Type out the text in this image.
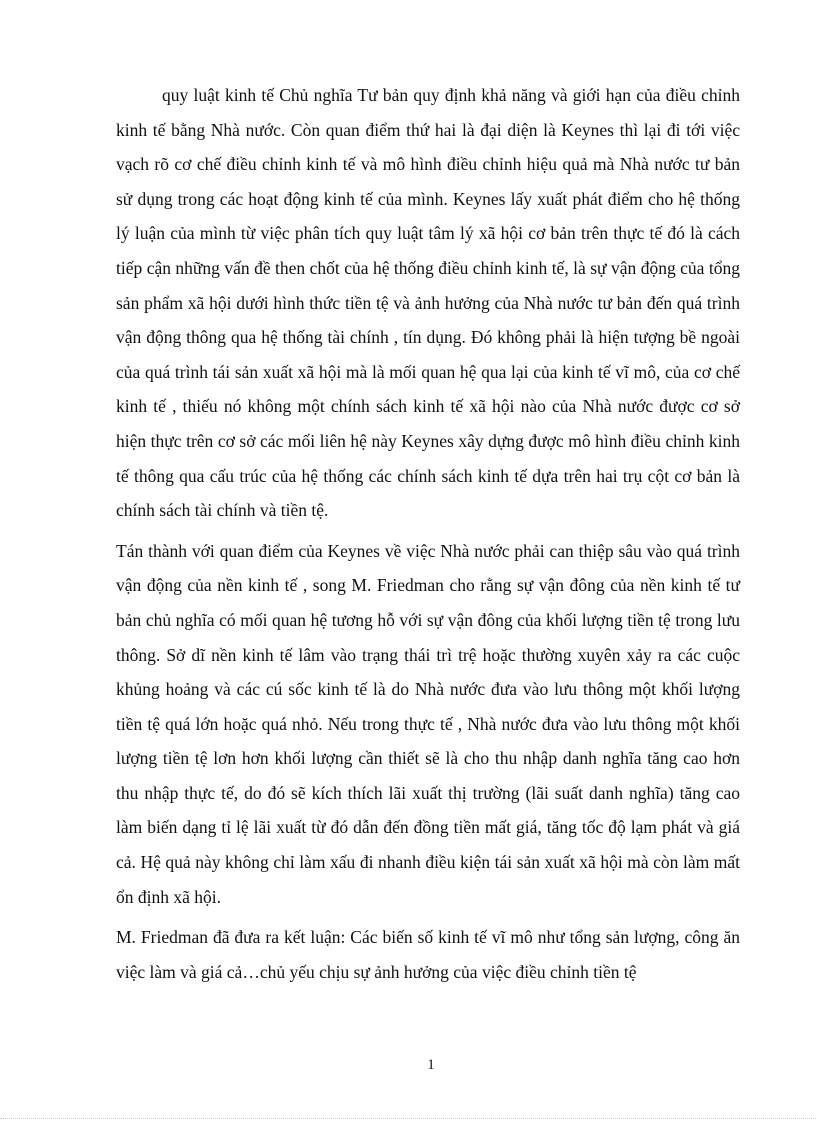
quy luật kinh tế Chủ nghĩa Tư bản quy định khả năng và giới hạn của điều chỉnh kinh tế bằng Nhà nước. Còn quan điểm thứ hai là đại diện là Keynes thì lại đi tới việc vạch rõ cơ chế điều chỉnh kinh tế và mô hình điều chỉnh hiệu quả mà Nhà nước tư bản sử dụng trong các hoạt động kinh tế của mình. Keynes lấy xuất phát điểm cho hệ thống lý luận của mình từ việc phân tích quy luật tâm lý xã hội cơ bản trên thực tế đó là cách tiếp cận những vấn đề then chốt của hệ thống điều chỉnh kinh tế, là sự vận động của tổng sản phẩm xã hội dưới hình thức tiền tệ và ảnh hưởng của Nhà nước tư bản đến quá trình vận động thông qua hệ thống tài chính , tín dụng. Đó không phải là hiện tượng bề ngoài của quá trình tái sản xuất xã hội mà là mối quan hệ qua lại của kinh tế vĩ mô, của cơ chế kinh tế , thiếu nó không một chính sách kinh tế xã hội nào của Nhà nước được cơ sở hiện thực trên cơ sở các mối liên hệ này Keynes xây dựng được mô hình điều chỉnh kinh tế thông qua cấu trúc của hệ thống các chính sách kinh tế dựa trên hai trụ cột cơ bản là chính sách tài chính và tiền tệ.

Tán thành với quan điểm của Keynes về việc Nhà nước phải can thiệp sâu vào quá trình vận động của nền kinh tế , song M. Friedman cho rằng sự vận đông của nền kinh tế tư bản chủ nghĩa có mối quan hệ tương hỗ với sự vận đông của khối lượng tiền tệ trong lưu thông. Sở dĩ nền kinh tế lâm vào trạng thái trì trệ hoặc thường xuyên xảy ra các cuộc khủng hoảng và các cú sốc kinh tế là do Nhà nước đưa vào lưu thông một khối lượng tiền tệ quá lớn hoặc quá nhỏ. Nếu trong thực tế , Nhà nước đưa vào lưu thông một khối lượng tiền tệ lơn hơn khối lượng cần thiết sẽ là cho thu nhập danh nghĩa tăng cao hơn thu nhập thực tế, do đó sẽ kích thích lãi xuất thị trường (lãi suất danh nghĩa) tăng cao làm biến dạng tỉ lệ lãi xuất từ đó dẫn đến đồng tiền mất giá, tăng tốc độ lạm phát và giá cả. Hệ quả này không chỉ làm xấu đi nhanh điều kiện tái sản xuất xã hội mà còn làm mất ổn định xã hội.

M. Friedman đã đưa ra kết luận: Các biến số kinh tế vĩ mô như tổng sản lượng, công ăn việc làm và giá cả…chủ yếu chịu sự ảnh hưởng của việc điều chỉnh tiền tệ

1
